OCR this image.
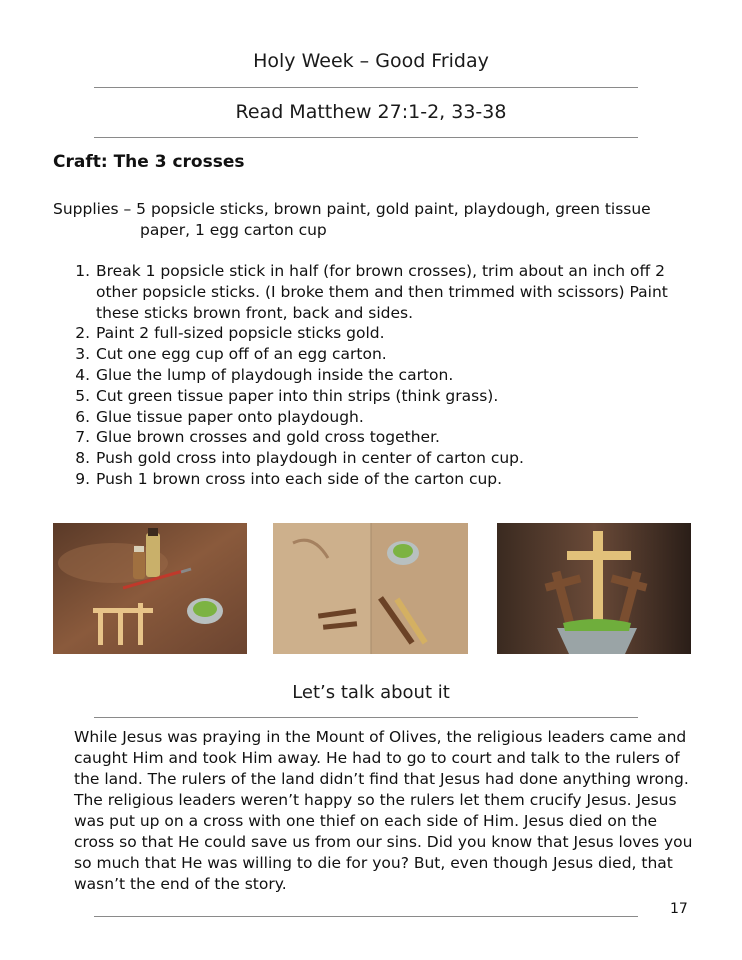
Holy Week – Good Friday
Read Matthew 27:1-2, 33-38
Craft: The 3 crosses
Supplies – 5 popsicle sticks, brown paint, gold paint, playdough, green tissue
paper, 1 egg carton cup
1. Break 1 popsicle stick in half (for brown crosses), trim about an inch off 2 other popsicle sticks. (I broke them and then trimmed with scissors) Paint these sticks brown front, back and sides.
2. Paint 2 full-sized popsicle sticks gold.
3. Cut one egg cup off of an egg carton.
4. Glue the lump of playdough inside the carton.
5. Cut green tissue paper into thin strips (think grass).
6. Glue tissue paper onto playdough.
7. Glue brown crosses and gold cross together.
8. Push gold cross into playdough in center of carton cup.
9. Push 1 brown cross into each side of the carton cup.
Let’s talk about it

While Jesus was praying in the Mount of Olives, the religious leaders came and caught Him and took Him away. He had to go to court and talk to the rulers of the land. The rulers of the land didn’t find that Jesus had done anything wrong. The religious leaders weren’t happy so the rulers let them crucify Jesus. Jesus was put up on a cross with one thief on each side of Him. Jesus died on the cross so that He could save us from our sins. Did you know that Jesus loves you so much that He was willing to die for you? But, even though Jesus died, that wasn’t the end of the story.

17
